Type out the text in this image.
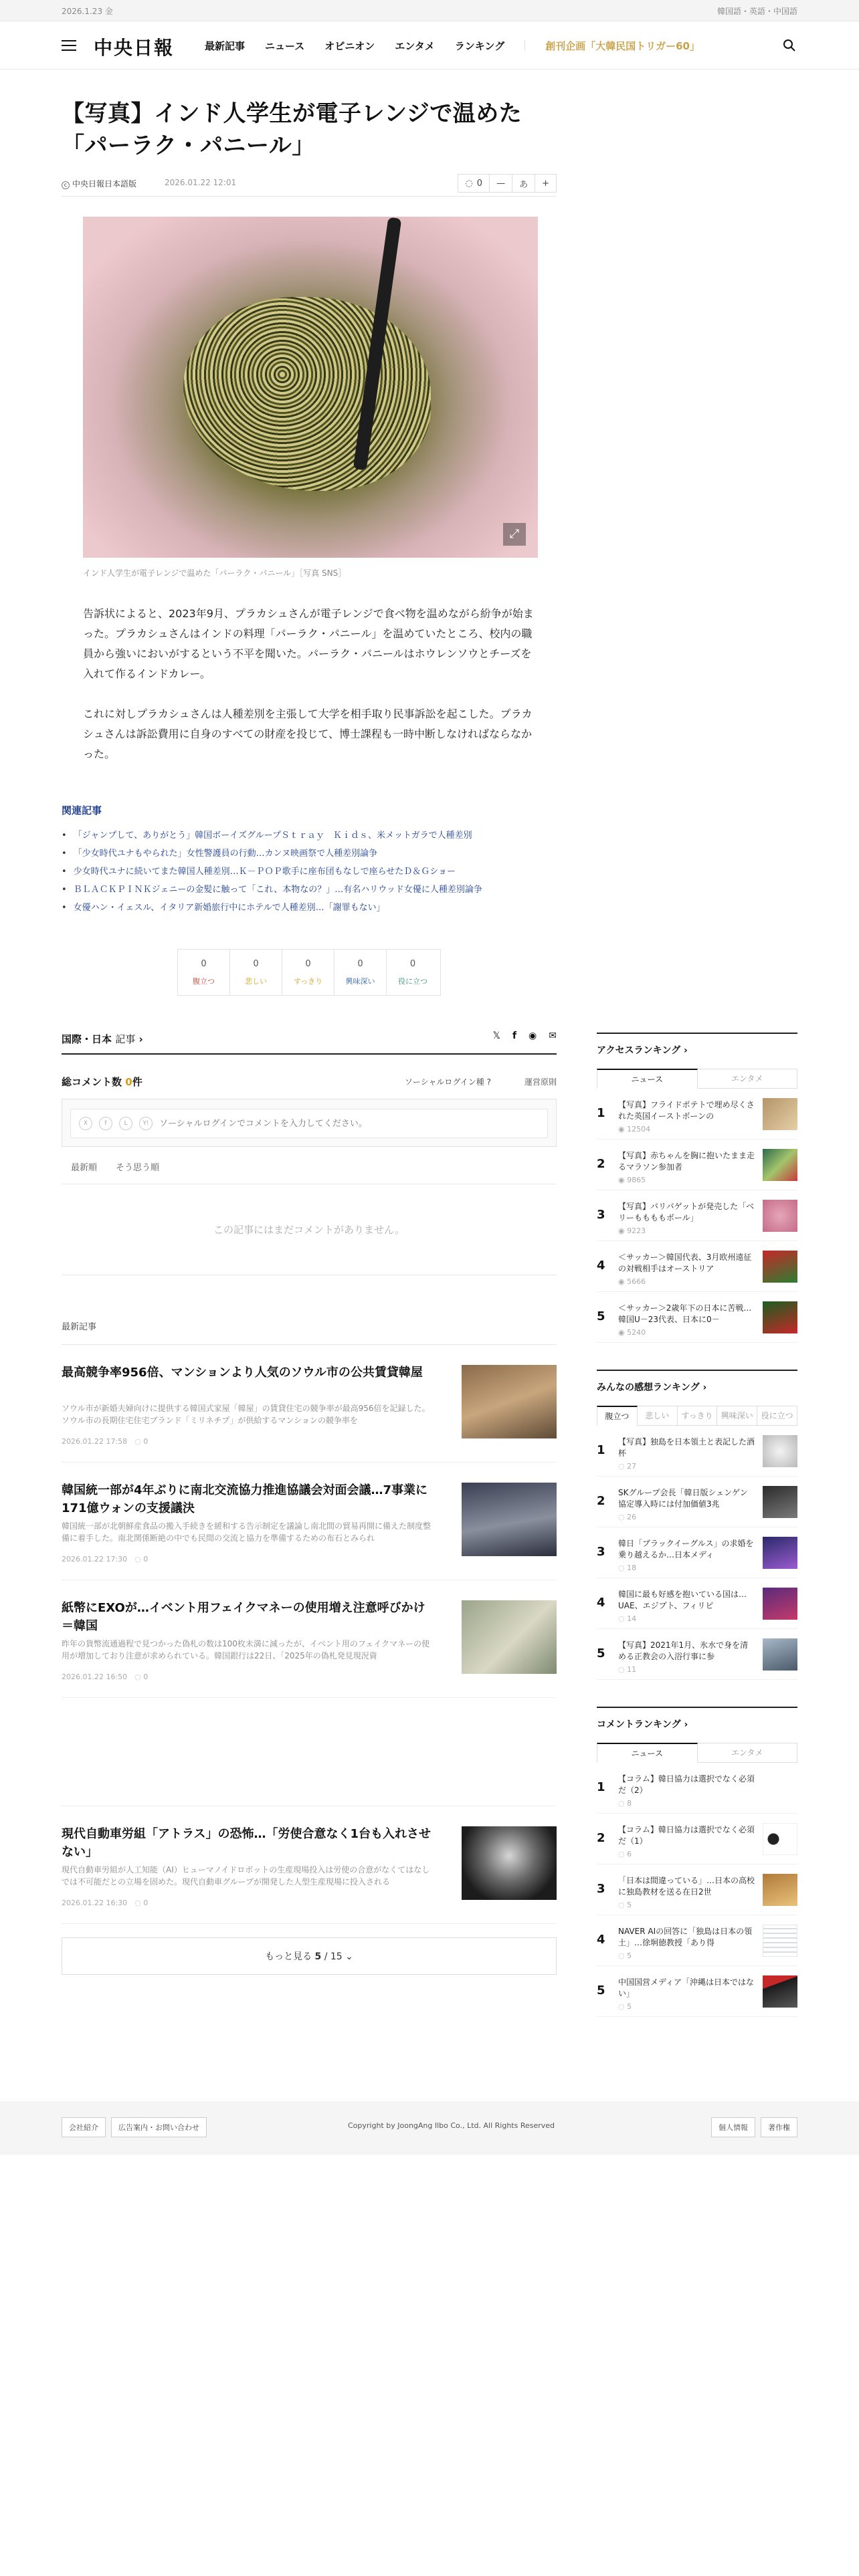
2026.1.23 金	韓国語・英語・中国語
中央日報	最新記事 ニュース オピニオン エンタメ ランキング	創刊企画「大韓民国トリガー60」
【写真】インド人学生が電子レンジで温めた「パーラク・パニール」
c 中央日報日本語版	2026.01.22 12:01	◌ 0	—	あ	+
⤢

インド人学生が電子レンジで温めた「パーラク・パニール」［写真 SNS］

告訴状によると、2023年9月、プラカシュさんが電子レンジで食べ物を温めながら紛争が始まった。プラカシュさんはインドの料理「パーラク・パニール」を温めていたところ、校内の職員から強いにおいがするという不平を聞いた。パーラク・パニールはホウレンソウとチーズを入れて作るインドカレー。

これに対しプラカシュさんは人種差別を主張して大学を相手取り民事訴訟を起こした。プラカシュさんは訴訟費用に自身のすべての財産を投じて、博士課程も一時中断しなければならなかった。

関連記事
• 「ジャンプして、ありがとう」韓国ボーイズグループＳｔｒａｙ　Ｋｉｄｓ、米メットガラで人種差別
• 「少女時代ユナもやられた」女性警護員の行動…カンヌ映画祭で人種差別論争
• 少女時代ユナに続いてまた韓国人種差別…Ｋ－ＰＯＰ歌手に座布団もなしで座らせたＤ＆Ｇショー
• ＢＬＡＣＫＰＩＮＫジェニーの金髪に触って「これ、本物なの？」…有名ハリウッド女優に人種差別論争
• 女優ハン・イェスル、イタリア新婚旅行中にホテルで人種差別…「謝罪もない」
0
腹立つ
0
悲しい
0
すっきり
0
興味深い
0
役に立つ
国際・日本 記事 ›	𝕏 f ◉ ✉
総コメント数 0件	ソーシャルログイン種 ?	運営原則
X	f	L	Y!
ソーシャルログインでコメントを入力してください。
最新順 そう思う順
この記事にはまだコメントがありません。
最新記事
最高競争率956倍、マンションより人気のソウル市の公共賃貸韓屋
ソウル市が新婚夫婦向けに提供する韓国式家屋「韓屋」の賃貸住宅の競争率が最高956倍を記録した。ソウル市の長期住宅住宅ブランド「ミリネチプ」が供給するマンションの競争率を
2026.01.22 17:58　 ◌ 0
韓国統一部が4年ぶりに南北交流協力推進協議会対面会議…7事業に171億ウォンの支援議決
韓国統一部が北朝鮮産食品の搬入手続きを緩和する告示制定を議論し南北間の貿易再開に備えた制度整備に着手した。南北関係断絶の中でも民間の交流と協力を準備するための布石とみられ
2026.01.22 17:30　 ◌ 0
紙幣にEXOが…イベント用フェイクマネーの使用増え注意呼びかけ＝韓国
昨年の貨幣流通過程で見つかった偽札の数は100枚未満に減ったが、イベント用のフェイクマネーの使用が増加しており注意が求められている。韓国銀行は22日、「2025年の偽札発見現況資
2026.01.22 16:50　 ◌ 0
現代自動車労組「アトラス」の恐怖…「労使合意なく1台も入れさせない」
現代自動車労組が人工知能（AI）ヒューマノイドロボットの生産現場投入は労使の合意がなくてはなしでは不可能だとの立場を固めた。現代自動車グループが開発した人型生産現場に投入される
2026.01.22 16:30　 ◌ 0
もっと見る 5 / 15 ⌄
アクセスランキング ›
ニュース	エンタメ
1
【写真】フライドポテトで埋め尽くされた英国イーストボーンの
◉ 12504
2
【写真】赤ちゃんを胸に抱いたまま走るマラソン参加者
◉ 9865
3
【写真】パリパゲットが発売した「ベリーももももボール」
◉ 9223
4
＜サッカー＞韓国代表、3月欧州遠征の対戦相手はオーストリア
◉ 5666
5
＜サッカー＞2歳年下の日本に苦戦…韓国U－23代表、日本に0－
◉ 5240
みんなの感想ランキング ›
腹立つ	悲しい	すっきり	興味深い 役に立つ
1
【写真】独島を日本領土と表記した酒杯
◌ 27
2
SKグループ会長「韓日版シェンゲン協定導入時には付加価値3兆
◌ 26
3
韓日「ブラックイーグルス」の求婚を乗り越えるか…日本メディ
◌ 18
4
韓国に最も好感を抱いている国は…UAE、エジプト、フィリピ
◌ 14
5
【写真】2021年1月、氷水で身を清める正教会の入浴行事に参
◌ 11
コメントランキング ›
ニュース	エンタメ
1
【コラム】韓日協力は選択でなく必須だ（2）
◌ 8
2
【コラム】韓日協力は選択でなく必須だ（1）
◌ 6
3
「日本は間違っている」…日本の高校に独島教材を送る在日2世
◌ 5
4
NAVER AIの回答に「独島は日本の領土」…徐坰徳教授「あり得
◌ 5
5
中国国営メディア「沖縄は日本ではない」
◌ 5
会社紹介	広告案内・お問い合わせ	Copyright by JoongAng Ilbo Co., Ltd. All Rights Reserved	個人情報	著作権
